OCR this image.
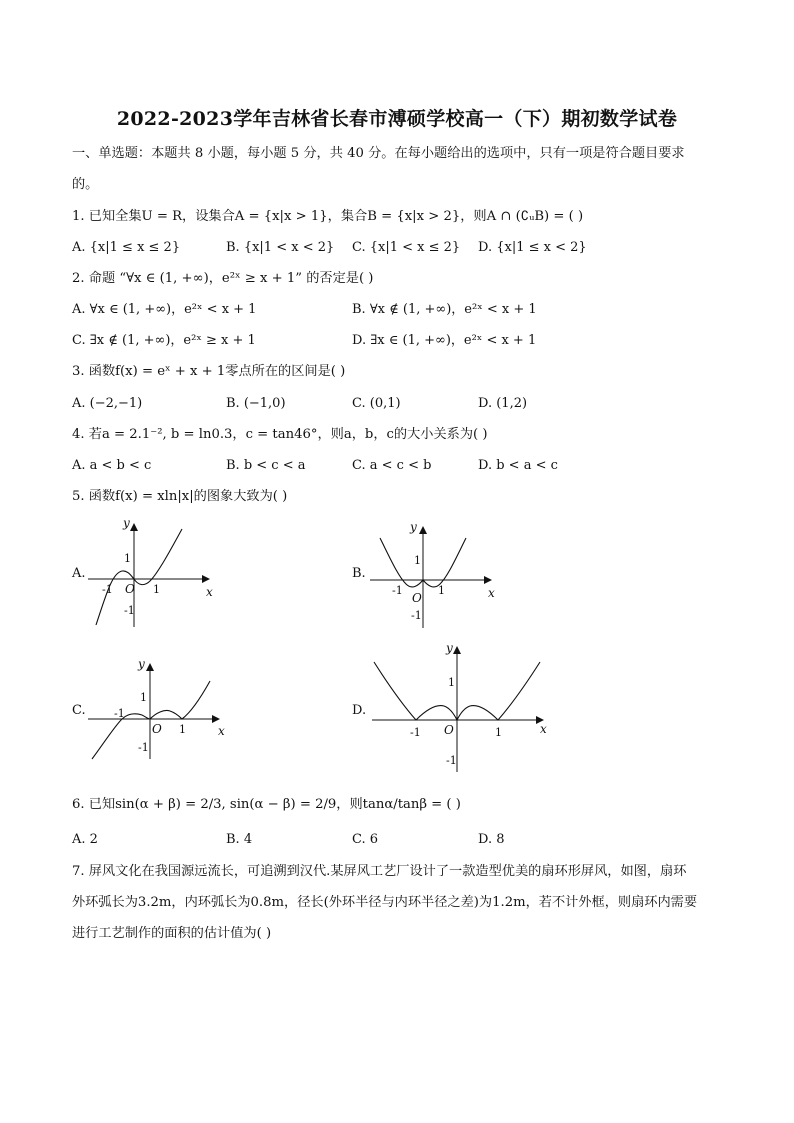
2022-2023学年吉林省长春市溥硕学校高一（下）期初数学试卷
一、单选题：本题共 8 小题，每小题 5 分，共 40 分。在每小题给出的选项中，只有一项是符合题目要求
的。
1. 已知全集U = R，设集合A = {x|x > 1}，集合B = {x|x > 2}，则A ∩ (∁ᵤB) = ( )
A. {x|1 ≤ x ≤ 2}	B. {x|1 < x < 2} C. {x|1 < x ≤ 2} D. {x|1 ≤ x < 2}
2. 命题 “∀x ∈ (1, +∞)，e²ˣ ≥ x + 1” 的否定是( )
A. ∀x ∈ (1, +∞)，e²ˣ < x + 1	B. ∀x ∉ (1, +∞)，e²ˣ < x + 1
C. ∃x ∉ (1, +∞)，e²ˣ ≥ x + 1	D. ∃x ∈ (1, +∞)，e²ˣ < x + 1
3. 函数f(x) = eˣ + x + 1零点所在的区间是( )
A. (−2,−1)	B. (−1,0)	C. (0,1)	D. (1,2)
4. 若a = 2.1⁻², b = ln0.3，c = tan46°，则a，b，c的大小关系为( )
A. a < b < c	B. b < c < a	C. a < c < b	D. b < a < c
5. 函数f(x) = xln|x|的图象大致为( )
A.
y
x
O
1
-1
-1	1
B.
y
x
O
1
-1
-1	1
C.
y
x
O
1
-1
-1
1
D.
y
x
O
1
-1
-1	1
6. 已知sin(α + β) = 2/3, sin(α − β) = 2/9，则tanα/tanβ = ( )
A. 2	B. 4	C. 6	D. 8
7. 屏风文化在我国源远流长，可追溯到汉代.某屏风工艺厂设计了一款造型优美的扇环形屏风，如图，扇环
外环弧长为3.2m，内环弧长为0.8m，径长(外环半径与内环半径之差)为1.2m，若不计外框，则扇环内需要
进行工艺制作的面积的估计值为( )
